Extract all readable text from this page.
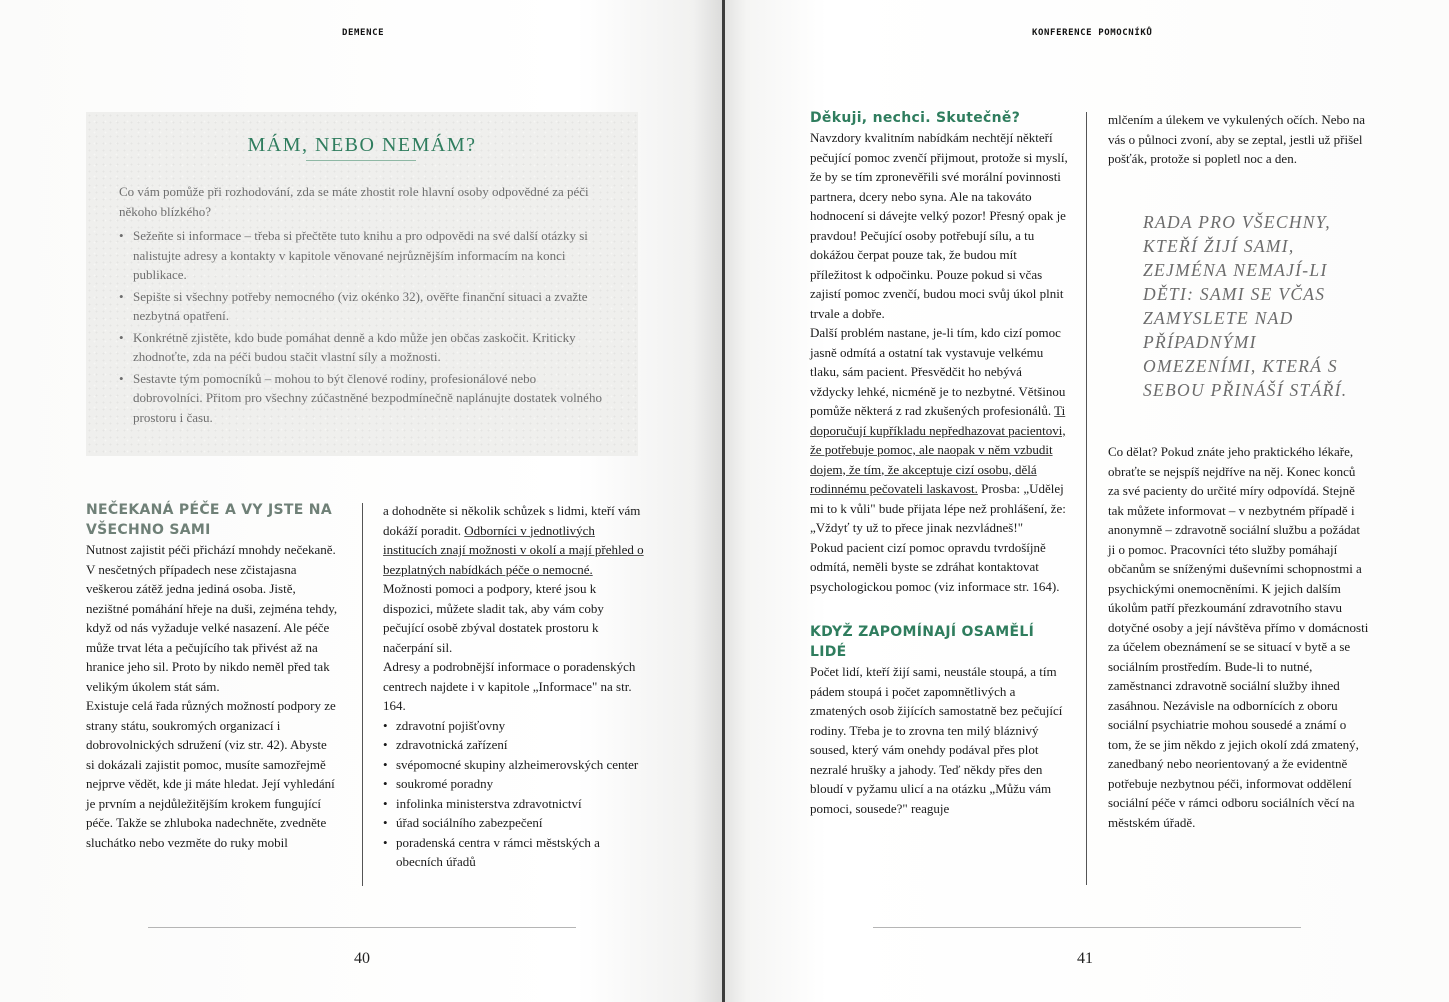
DEMENCE
MÁM, NEBO NEMÁM?

Co vám pomůže při rozhodování, zda se máte zhostit role hlavní osoby odpovědné za péči někoho blízkého?

• Sežeňte si informace – třeba si přečtěte tuto knihu a pro odpovědi na své další otázky si nalistujte adresy a kontakty v kapitole věnované nejrůznějším informacím na konci publikace.
• Sepište si všechny potřeby nemocného (viz okénko 32), ověřte finanční situaci a zvažte nezbytná opatření.
• Konkrétně zjistěte, kdo bude pomáhat denně a kdo může jen občas zaskočit. Kriticky zhodnoťte, zda na péči budou stačit vlastní síly a možnosti.
• Sestavte tým pomocníků – mohou to být členové rodiny, profesionálové nebo dobrovolníci. Přitom pro všechny zúčastněné bezpodmínečně naplánujte dostatek volného prostoru i času.
NEČEKANÁ PÉČE A VY JSTE NA VŠECHNO SAMI

Nutnost zajistit péči přichází mnohdy nečekaně. V nesčetných případech nese zčistajasna veškerou zátěž jedna jediná osoba. Jistě, nezištné pomáhání hřeje na duši, zejména tehdy, když od nás vyžaduje velké nasazení. Ale péče může trvat léta a pečujícího tak přivést až na hranice jeho sil. Proto by nikdo neměl před tak velikým úkolem stát sám.

Existuje celá řada různých možností podpory ze strany státu, soukromých organizací i dobrovolnických sdružení (viz str. 42). Abyste si dokázali zajistit pomoc, musíte samozřejmě nejprve vědět, kde ji máte hledat. Její vyhledání je prvním a nejdůležitějším krokem fungující péče. Takže se zhluboka nadechněte, zvedněte sluchátko nebo vezměte do ruky mobil

a dohodněte si několik schůzek s lidmi, kteří vám dokáží poradit. Odborníci v jednotlivých institucích znají možnosti v okolí a mají přehled o bezplatných nabídkách péče o nemocné. Možnosti pomoci a podpory, které jsou k dispozici, můžete sladit tak, aby vám coby pečující osobě zbýval dostatek prostoru k načerpání sil.

Adresy a podrobnější informace o poradenských centrech najdete i v kapitole „Informace" na str. 164.

• zdravotní pojišťovny
• zdravotnická zařízení
• svépomocné skupiny alzheimerovských center
• soukromé poradny
• infolinka ministerstva zdravotnictví
• úřad sociálního zabezpečení
• poradenská centra v rámci městských a obecních úřadů
40
KONFERENCE POMOCNÍKŮ
Děkuji, nechci. Skutečně?

Navzdory kvalitním nabídkám nechtějí někteří pečující pomoc zvenčí přijmout, protože si myslí, že by se tím zpronevěřili své morální povinnosti partnera, dcery nebo syna. Ale na takováto hodnocení si dávejte velký pozor! Přesný opak je pravdou! Pečující osoby potřebují sílu, a tu dokážou čerpat pouze tak, že budou mít příležitost k odpočinku. Pouze pokud si včas zajistí pomoc zvenčí, budou moci svůj úkol plnit trvale a dobře.

Další problém nastane, je-li tím, kdo cizí pomoc jasně odmítá a ostatní tak vystavuje velkému tlaku, sám pacient. Přesvědčit ho nebývá vždycky lehké, nicméně je to nezbytné. Většinou pomůže některá z rad zkušených profesionálů. Ti doporučují kupříkladu nepředhazovat pacientovi, že potřebuje pomoc, ale naopak v něm vzbudit dojem, že tím, že akceptuje cizí osobu, dělá rodinnému pečovateli laskavost. Prosba: „Udělej mi to k vůli" bude přijata lépe než prohlášení, že: „Vždyť ty už to přece jinak nezvládneš!"

Pokud pacient cizí pomoc opravdu tvrdošíjně odmítá, neměli byste se zdráhat kontaktovat psychologickou pomoc (viz informace str. 164).

KDYŽ ZAPOMÍNAJÍ OSAMĚLÍ LIDÉ

Počet lidí, kteří žijí sami, neustále stoupá, a tím pádem stoupá i počet zapomnětlivých a zmatených osob žijících samostatně bez pečující rodiny. Třeba je to zrovna ten milý bláznivý soused, který vám onehdy podával přes plot nezralé hrušky a jahody. Teď někdy přes den bloudí v pyžamu ulicí a na otázku „Můžu vám pomoci, sousede?" reaguje

mlčením a úlekem ve vykulených očích. Nebo na vás o půlnoci zvoní, aby se zeptal, jestli už přišel pošťák, protože si popletl noc a den.

RADA PRO VŠECHNY, KTEŘÍ ŽIJÍ SAMI, ZEJMÉNA NEMAJÍ-LI DĚTI: SAMI SE VČAS ZAMYSLETE NAD PŘÍPADNÝMI OMEZENÍMI, KTERÁ S SEBOU PŘINÁŠÍ STÁŘÍ.

Co dělat? Pokud znáte jeho praktického lékaře, obraťte se nejspíš nejdříve na něj. Konec konců za své pacienty do určité míry odpovídá. Stejně tak můžete informovat – v nezbytném případě i anonymně – zdravotně sociální službu a požádat ji o pomoc. Pracovníci této služby pomáhají občanům se sníženými duševními schopnostmi a psychickými onemocněními. K jejich dalším úkolům patří přezkoumání zdravotního stavu dotyčné osoby a její návštěva přímo v domácnosti za účelem obeznámení se se situací v bytě a se sociálním prostředím. Bude-li to nutné, zaměstnanci zdravotně sociální služby ihned zasáhnou. Nezávisle na odbornících z oboru sociální psychiatrie mohou sousedé a známí o tom, že se jim někdo z jejich okolí zdá zmatený, zanedbaný nebo neorientovaný a že evidentně potřebuje nezbytnou péči, informovat oddělení sociální péče v rámci odboru sociálních věcí na městském úřadě.

41
